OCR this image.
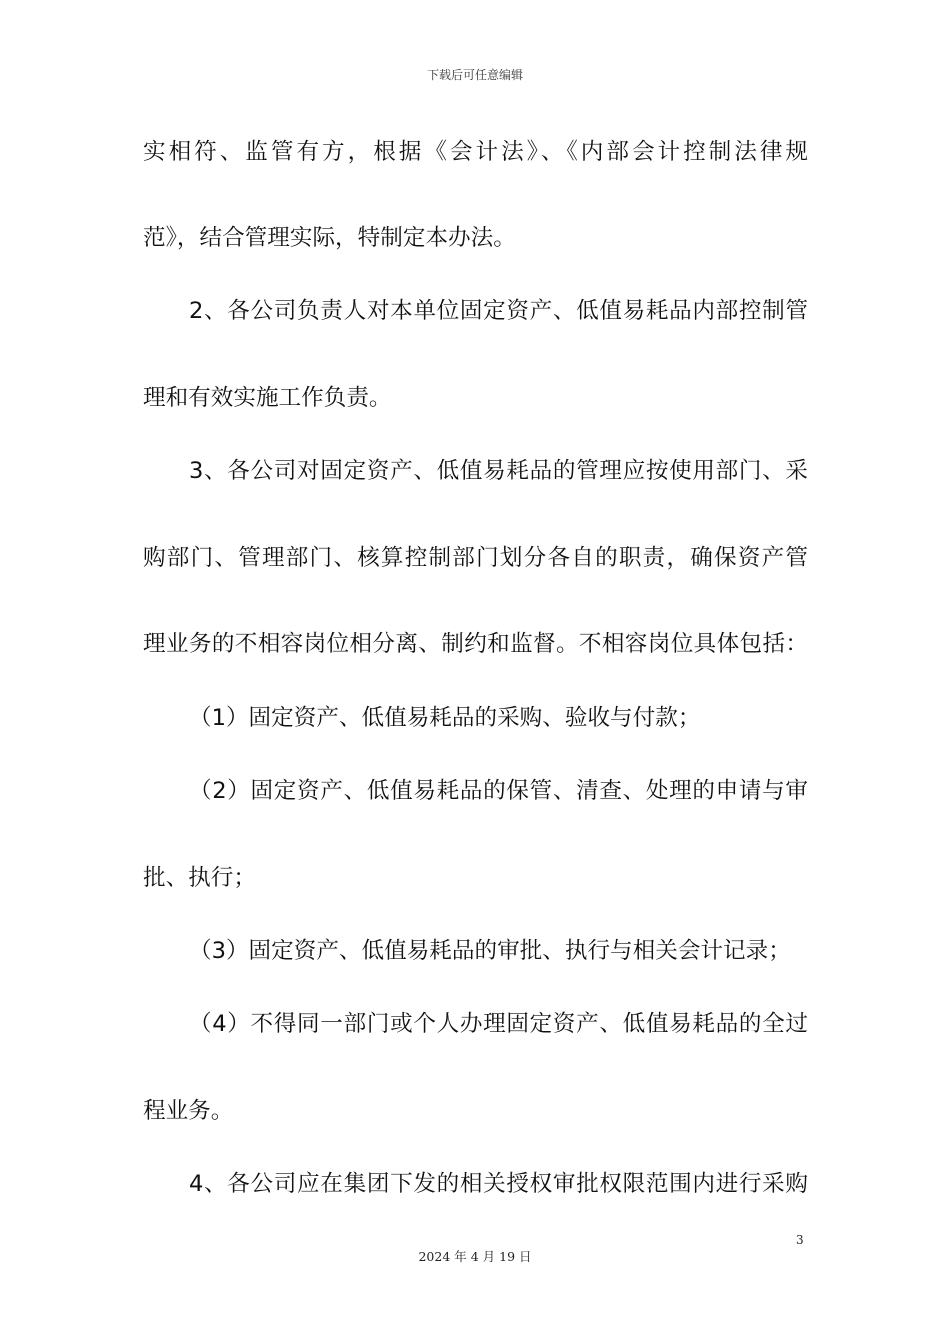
下载后可任意编辑
实相符、监管有方，根据《会计法》、《内部会计控制法律规
范》，结合管理实际，特制定本办法。
2、各公司负责人对本单位固定资产、低值易耗品内部控制管
理和有效实施工作负责。
3、各公司对固定资产、低值易耗品的管理应按使用部门、采
购部门、管理部门、核算控制部门划分各自的职责，确保资产管
理业务的不相容岗位相分离、制约和监督。不相容岗位具体包括：
（1）固定资产、低值易耗品的采购、验收与付款；
（2）固定资产、低值易耗品的保管、清查、处理的申请与审
批、执行；
（3）固定资产、低值易耗品的审批、执行与相关会计记录；
（4）不得同一部门或个人办理固定资产、低值易耗品的全过
程业务。
4、各公司应在集团下发的相关授权审批权限范围内进行采购
3
2024 年 4 月 19 日
